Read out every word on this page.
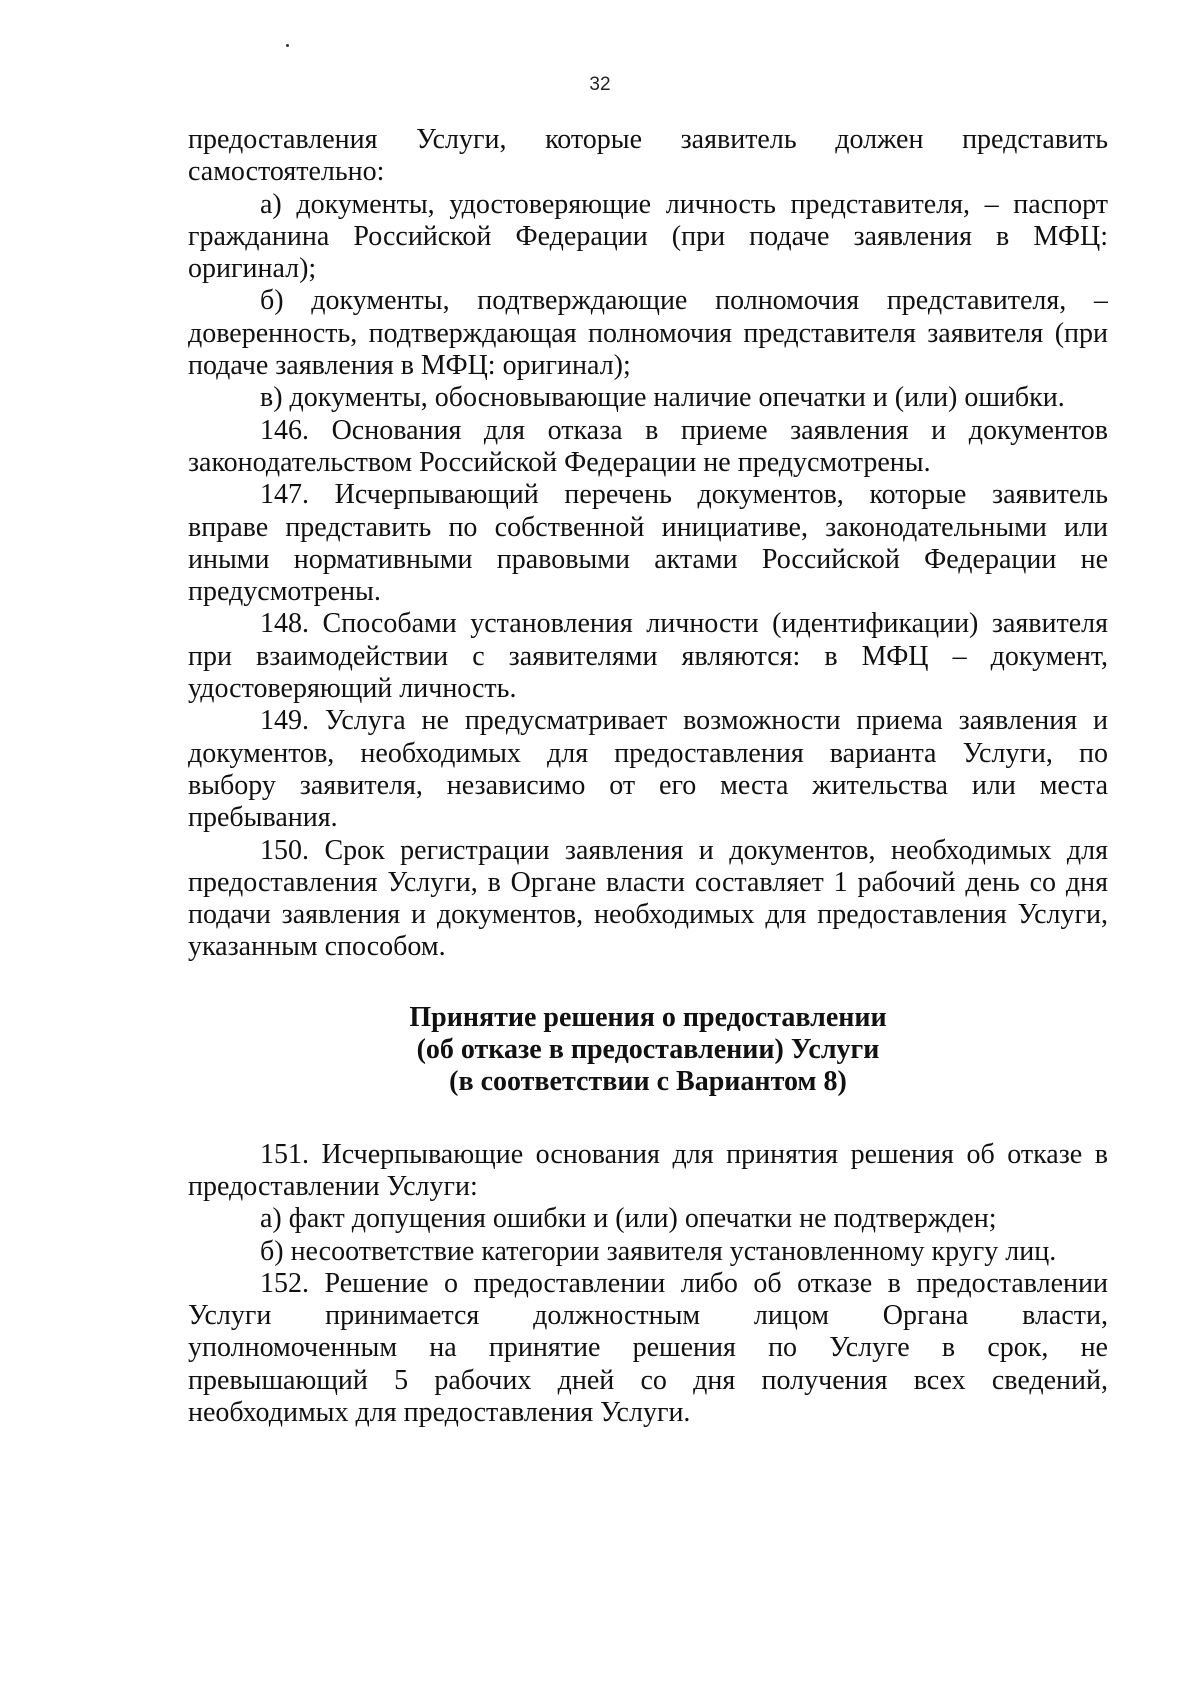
32
предоставления Услуги, которые заявитель должен представить
самостоятельно:
а) документы, удостоверяющие личность представителя, – паспорт
гражданина Российской Федерации (при подаче заявления в МФЦ:
оригинал);
б) документы, подтверждающие полномочия представителя, –
доверенность, подтверждающая полномочия представителя заявителя (при
подаче заявления в МФЦ: оригинал);
в) документы, обосновывающие наличие опечатки и (или) ошибки.
146. Основания для отказа в приеме заявления и документов
законодательством Российской Федерации не предусмотрены.
147. Исчерпывающий перечень документов, которые заявитель
вправе представить по собственной инициативе, законодательными или
иными нормативными правовыми актами Российской Федерации не
предусмотрены.
148. Способами установления личности (идентификации) заявителя
при взаимодействии с заявителями являются: в МФЦ – документ,
удостоверяющий личность.
149. Услуга не предусматривает возможности приема заявления и
документов, необходимых для предоставления варианта Услуги, по
выбору заявителя, независимо от его места жительства или места
пребывания.
150. Срок регистрации заявления и документов, необходимых для
предоставления Услуги, в Органе власти составляет 1 рабочий день со дня
подачи заявления и документов, необходимых для предоставления Услуги,
указанным способом.
Принятие решения о предоставлении
(об отказе в предоставлении) Услуги
(в соответствии с Вариантом 8)
151. Исчерпывающие основания для принятия решения об отказе в
предоставлении Услуги:
а) факт допущения ошибки и (или) опечатки не подтвержден;
б) несоответствие категории заявителя установленному кругу лиц.
152. Решение о предоставлении либо об отказе в предоставлении
Услуги принимается должностным лицом Органа власти,
уполномоченным на принятие решения по Услуге в срок, не
превышающий 5 рабочих дней со дня получения всех сведений,
необходимых для предоставления Услуги.
